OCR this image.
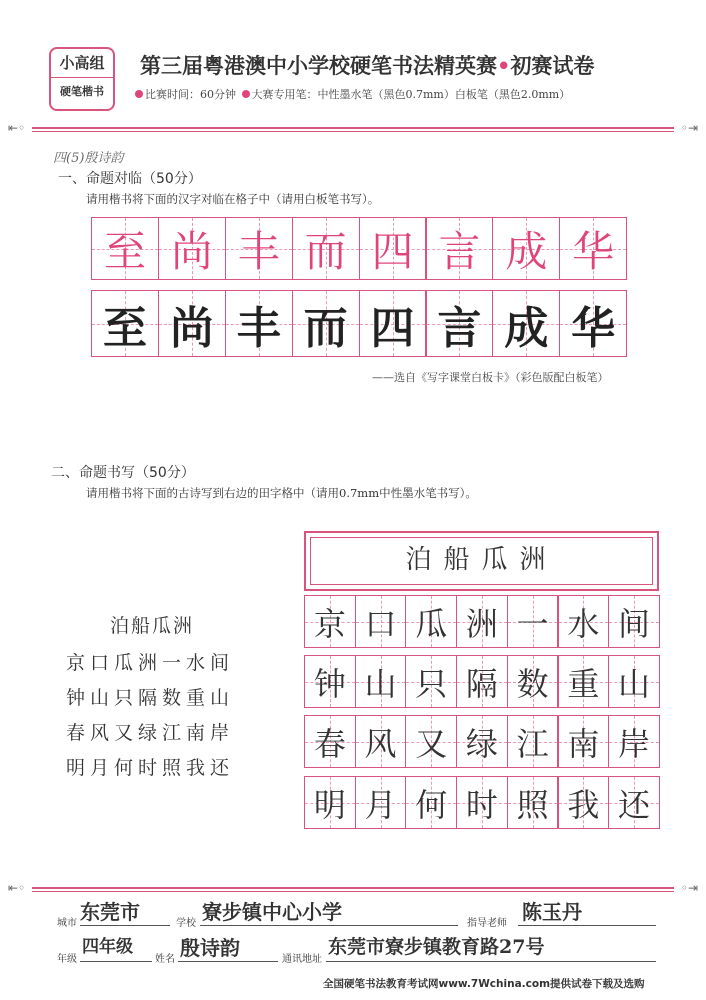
小高组
硬笔楷书
第三届粤港澳中小学校硬笔书法精英赛•初赛试卷
比赛时间：60分钟 大赛专用笔：中性墨水笔（黑色0.7mm）白板笔（黑色2.0mm）
⇤◦	◦⇥
四(5)殷诗韵
一、命题对临（50分）
请用楷书将下面的汉字对临在格子中（请用白板笔书写）。
至 尚 丰 而 四 言 成 华
至 尚 丰 而 四 言 成 华
——选自《写字课堂白板卡》（彩色版配白板笔）
二、命题书写（50分）
请用楷书将下面的古诗写到右边的田字格中（请用0.7mm中性墨水笔书写）。
泊船瓜洲
京口瓜洲一水间
钟山只隔数重山
春风又绿江南岸
明月何时照我还
泊船瓜洲
京 口 瓜 洲 一 水 间
钟 山 只 隔 数 重 山
春 风 又 绿 江 南 岸
明 月 何 时 照 我 还
⇤◦	◦⇥
城市 东莞市	学校 寮步镇中心小学	指导老师 陈玉丹
年级
四年级
姓名 殷诗韵	通讯地址
东莞市寮步镇教育路27号
全国硬笔书法教育考试网www.7Wchina.com提供试卷下载及选购
